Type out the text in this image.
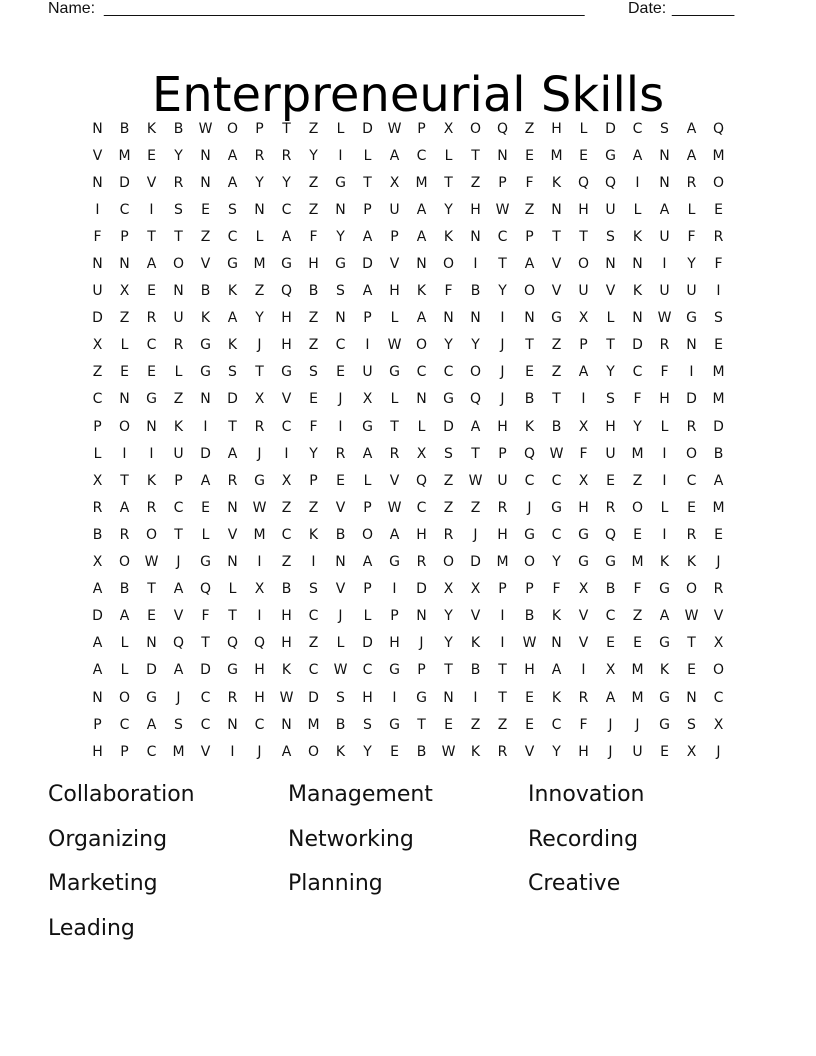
Name: ______________________________________________________	Date: _______
Enterpreneurial Skills
N	B	K	B	W	O	P	T	Z	L	D	W	P	X	O	Q	Z	H	L	D	C	S	A	Q
V	M	E	Y	N	A	R	R	Y	I	L	A	C	L	T	N	E	M	E	G	A	N	A	M
N	D	V	R	N	A	Y	Y	Z	G	T	X	M	T	Z	P	F	K	Q	Q	I	N	R	O
I	C	I	S	E	S	N	C	Z	N	P	U	A	Y	H	W	Z	N	H	U	L	A	L	E
F	P	T	T	Z	C	L	A	F	Y	A	P	A	K	N	C	P	T	T	S	K	U	F	R
N	N	A	O	V	G	M	G	H	G	D	V	N	O	I	T	A	V	O	N	N	I	Y	F
U	X	E	N	B	K	Z	Q	B	S	A	H	K	F	B	Y	O	V	U	V	K	U	U	I
D	Z	R	U	K	A	Y	H	Z	N	P	L	A	N	N	I	N	G	X	L	N	W	G	S
X	L	C	R	G	K	J	H	Z	C	I	W	O	Y	Y	J	T	Z	P	T	D	R	N	E
Z	E	E	L	G	S	T	G	S	E	U	G	C	C	O	J	E	Z	A	Y	C	F	I	M
C	N	G	Z	N	D	X	V	E	J	X	L	N	G	Q	J	B	T	I	S	F	H	D	M
P	O	N	K	I	T	R	C	F	I	G	T	L	D	A	H	K	B	X	H	Y	L	R	D
L	I	I	U	D	A	J	I	Y	R	A	R	X	S	T	P	Q	W	F	U	M	I	O	B
X	T	K	P	A	R	G	X	P	E	L	V	Q	Z	W	U	C	C	X	E	Z	I	C	A
R	A	R	C	E	N	W	Z	Z	V	P	W	C	Z	Z	R	J	G	H	R	O	L	E	M
B	R	O	T	L	V	M	C	K	B	O	A	H	R	J	H	G	C	G	Q	E	I	R	E
X	O	W	J	G	N	I	Z	I	N	A	G	R	O	D	M	O	Y	G	G	M	K	K	J
A	B	T	A	Q	L	X	B	S	V	P	I	D	X	X	P	P	F	X	B	F	G	O	R
D	A	E	V	F	T	I	H	C	J	L	P	N	Y	V	I	B	K	V	C	Z	A	W	V
A	L	N	Q	T	Q	Q	H	Z	L	D	H	J	Y	K	I	W	N	V	E	E	G	T	X
A	L	D	A	D	G	H	K	C	W	C	G	P	T	B	T	H	A	I	X	M	K	E	O
N	O	G	J	C	R	H	W	D	S	H	I	G	N	I	T	E	K	R	A	M	G	N	C
P	C	A	S	C	N	C	N	M	B	S	G	T	E	Z	Z	E	C	F	J	J	G	S	X
H	P	C	M	V	I	J	A	O	K	Y	E	B	W	K	R	V	Y	H	J	U	E	X	J
Collaboration	Management	Innovation
Organizing	Networking	Recording
Marketing	Planning	Creative
Leading
